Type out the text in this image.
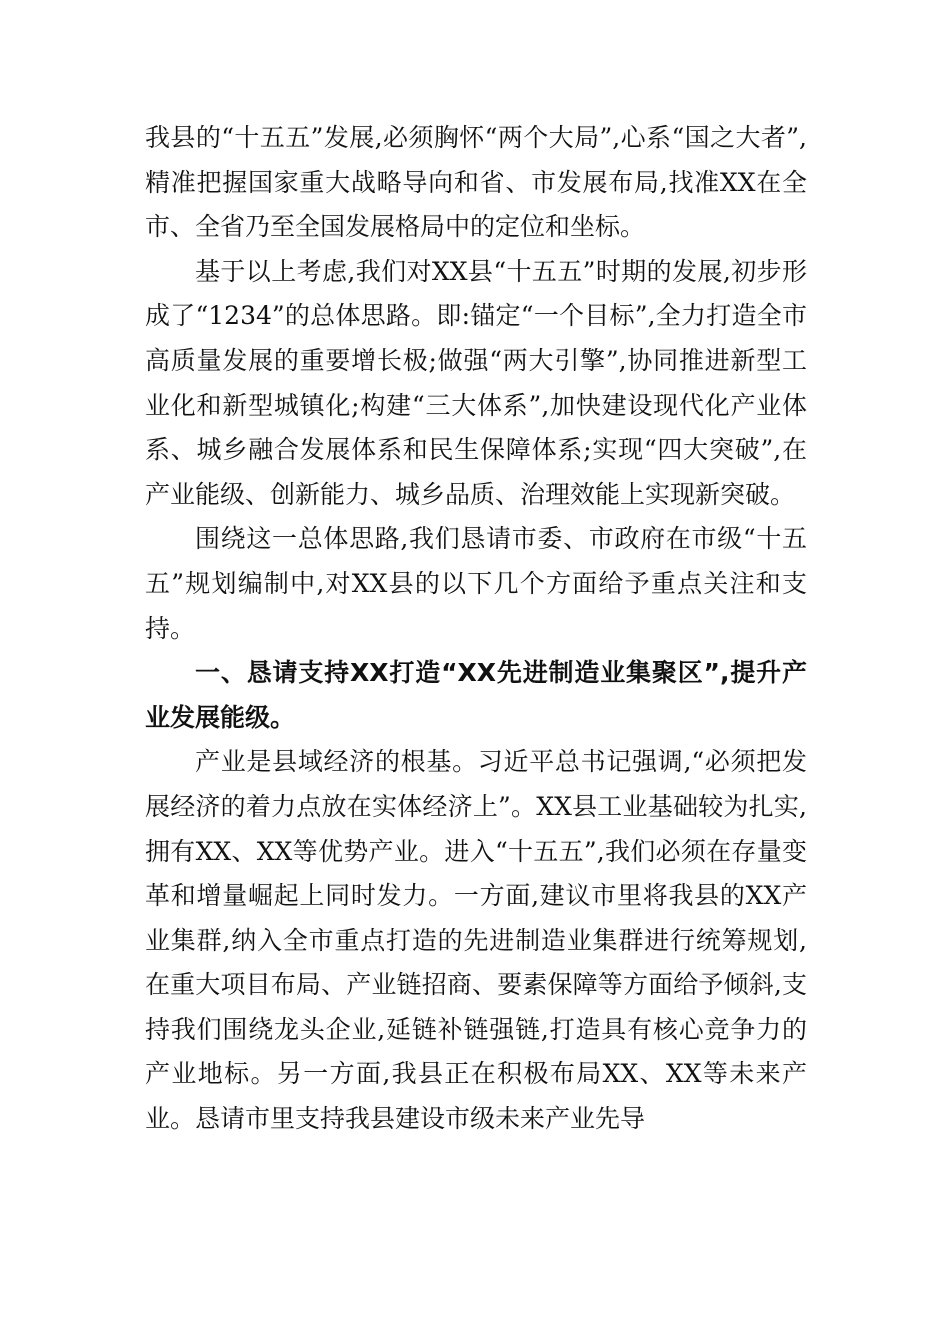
我县的“十五五”发展,必须胸怀“两个大局”,心系“国之大者”,精准把握国家重大战略导向和省、市发展布局,找准XX在全市、全省乃至全国发展格局中的定位和坐标。

基于以上考虑,我们对XX县“十五五”时期的发展,初步形成了“1234”的总体思路。即:锚定“一个目标”,全力打造全市高质量发展的重要增长极;做强“两大引擎”,协同推进新型工业化和新型城镇化;构建“三大体系”,加快建设现代化产业体系、城乡融合发展体系和民生保障体系;实现“四大突破”,在产业能级、创新能力、城乡品质、治理效能上实现新突破。

围绕这一总体思路,我们恳请市委、市政府在市级“十五五”规划编制中,对XX县的以下几个方面给予重点关注和支持。

一、恳请支持XX打造“XX先进制造业集聚区”,提升产业发展能级。

产业是县域经济的根基。习近平总书记强调,“必须把发展经济的着力点放在实体经济上”。XX县工业基础较为扎实,拥有XX、XX等优势产业。进入“十五五”,我们必须在存量变革和增量崛起上同时发力。一方面,建议市里将我县的XX产业集群,纳入全市重点打造的先进制造业集群进行统筹规划,在重大项目布局、产业链招商、要素保障等方面给予倾斜,支持我们围绕龙头企业,延链补链强链,打造具有核心竞争力的产业地标。另一方面,我县正在积极布局XX、XX等未来产业。恳请市里支持我县建设市级未来产业先导
